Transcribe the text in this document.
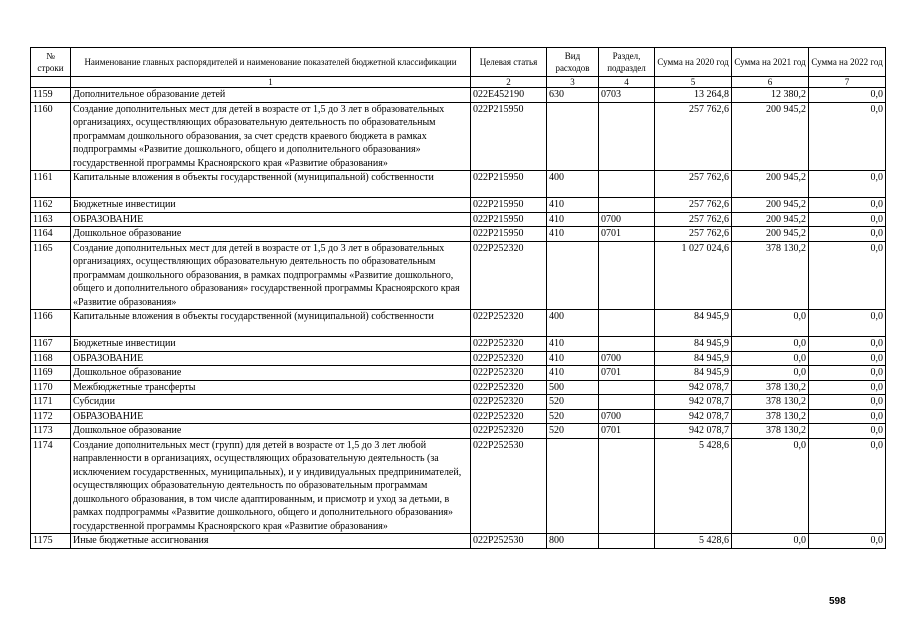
№ строки	Наименование главных распорядителей и наименование показателей бюджетной классификации	Целевая статья	Вид расходов	Раздел, подраздел	Сумма на 2020 год	Сумма на 2021 год	Сумма на 2022 год
	1	2	3	4	5	6	7
1159	Дополнительное образование детей	022E452190	630	0703	13 264,8	12 380,2	0,0
1160	Создание дополнительных мест для детей в возрасте от 1,5 до 3 лет в образовательных организациях, осуществляющих образовательную деятельность по образовательным программам дошкольного образования, за счет средств краевого бюджета в рамках подпрограммы «Развитие дошкольного, общего и дополнительного образования» государственной программы Красноярского края «Развитие образования»	022P215950			257 762,6	200 945,2	0,0
1161	Капитальные вложения в объекты государственной (муниципальной) собственности	022P215950	400		257 762,6	200 945,2	0,0
1162	Бюджетные инвестиции	022P215950	410		257 762,6	200 945,2	0,0
1163	ОБРАЗОВАНИЕ	022P215950	410	0700	257 762,6	200 945,2	0,0
1164	Дошкольное образование	022P215950	410	0701	257 762,6	200 945,2	0,0
1165	Создание дополнительных мест для детей в возрасте от 1,5 до 3 лет в образовательных организациях, осуществляющих образовательную деятельность по образовательным программам дошкольного образования, в рамках подпрограммы «Развитие дошкольного, общего и дополнительного образования» государственной программы Красноярского края «Развитие образования»	022P252320			1 027 024,6	378 130,2	0,0
1166	Капитальные вложения в объекты государственной (муниципальной) собственности	022P252320	400		84 945,9	0,0	0,0
1167	Бюджетные инвестиции	022P252320	410		84 945,9	0,0	0,0
1168	ОБРАЗОВАНИЕ	022P252320	410	0700	84 945,9	0,0	0,0
1169	Дошкольное образование	022P252320	410	0701	84 945,9	0,0	0,0
1170	Межбюджетные трансферты	022P252320	500		942 078,7	378 130,2	0,0
1171	Субсидии	022P252320	520		942 078,7	378 130,2	0,0
1172	ОБРАЗОВАНИЕ	022P252320	520	0700	942 078,7	378 130,2	0,0
1173	Дошкольное образование	022P252320	520	0701	942 078,7	378 130,2	0,0
1174	Создание дополнительных мест (групп) для детей в возрасте от 1,5 до 3 лет любой направленности в организациях, осуществляющих образовательную деятельность (за исключением государственных, муниципальных), и у индивидуальных предпринимателей, осуществляющих образовательную деятельность по образовательным программам дошкольного образования, в том числе адаптированным, и присмотр и уход за детьми, в рамках подпрограммы «Развитие дошкольного, общего и дополнительного образования» государственной программы Красноярского края «Развитие образования»	022P252530			5 428,6	0,0	0,0
1175	Иные бюджетные ассигнования	022P252530	800		5 428,6	0,0	0,0
598
